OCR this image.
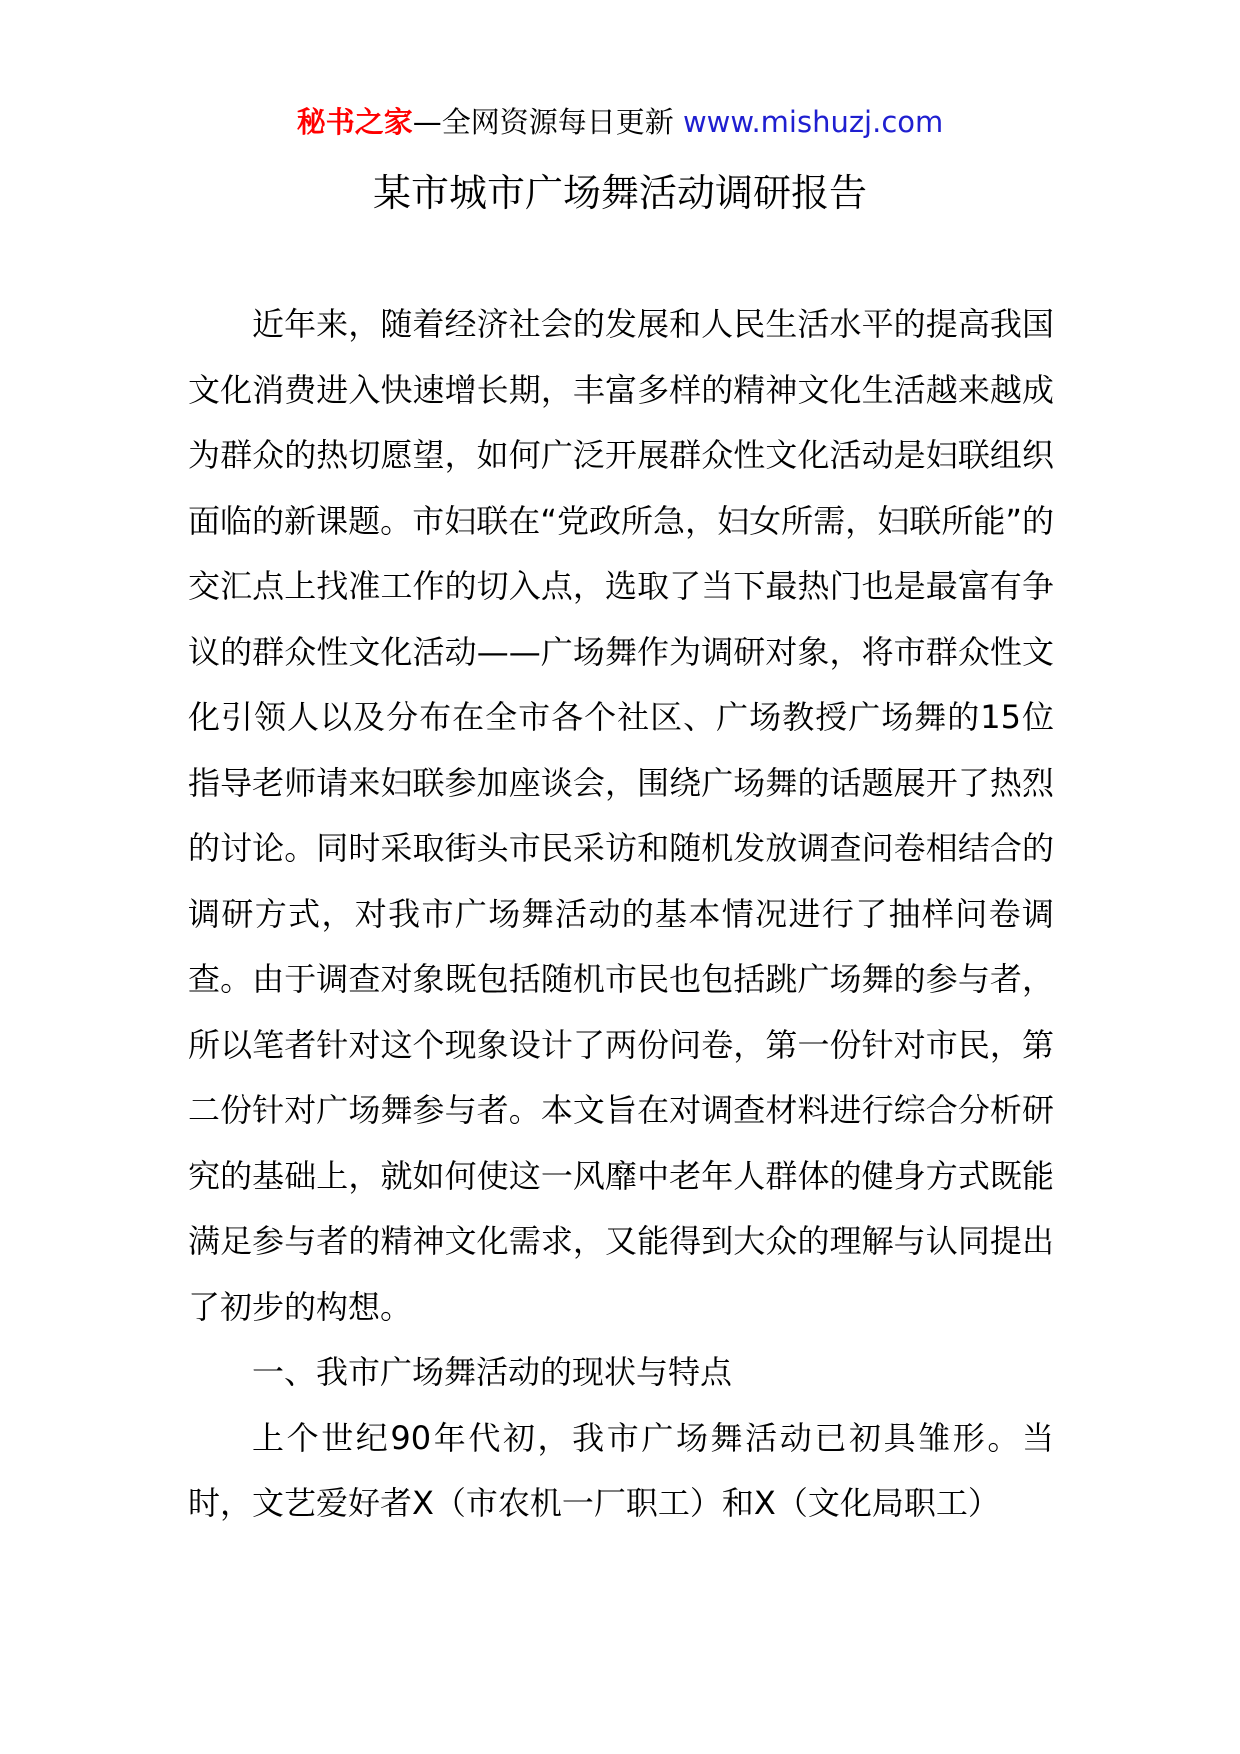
秘书之家—全网资源每日更新 www.mishuzj.com
某市城市广场舞活动调研报告

近年来，随着经济社会的发展和人民生活水平的提高我国文化消费进入快速增长期，丰富多样的精神文化生活越来越成为群众的热切愿望，如何广泛开展群众性文化活动是妇联组织面临的新课题。市妇联在“党政所急，妇女所需，妇联所能”的交汇点上找准工作的切入点，选取了当下最热门也是最富有争议的群众性文化活动——广场舞作为调研对象，将市群众性文化引领人以及分布在全市各个社区、广场教授广场舞的15位指导老师请来妇联参加座谈会，围绕广场舞的话题展开了热烈的讨论。同时采取街头市民采访和随机发放调查问卷相结合的调研方式，对我市广场舞活动的基本情况进行了抽样问卷调查。由于调查对象既包括随机市民也包括跳广场舞的参与者，所以笔者针对这个现象设计了两份问卷，第一份针对市民，第二份针对广场舞参与者。本文旨在对调查材料进行综合分析研究的基础上，就如何使这一风靡中老年人群体的健身方式既能满足参与者的精神文化需求，又能得到大众的理解与认同提出了初步的构想。

一、我市广场舞活动的现状与特点

上个世纪90年代初，我市广场舞活动已初具雏形。当时，文艺爱好者X（市农机一厂职工）和X（文化局职工）
